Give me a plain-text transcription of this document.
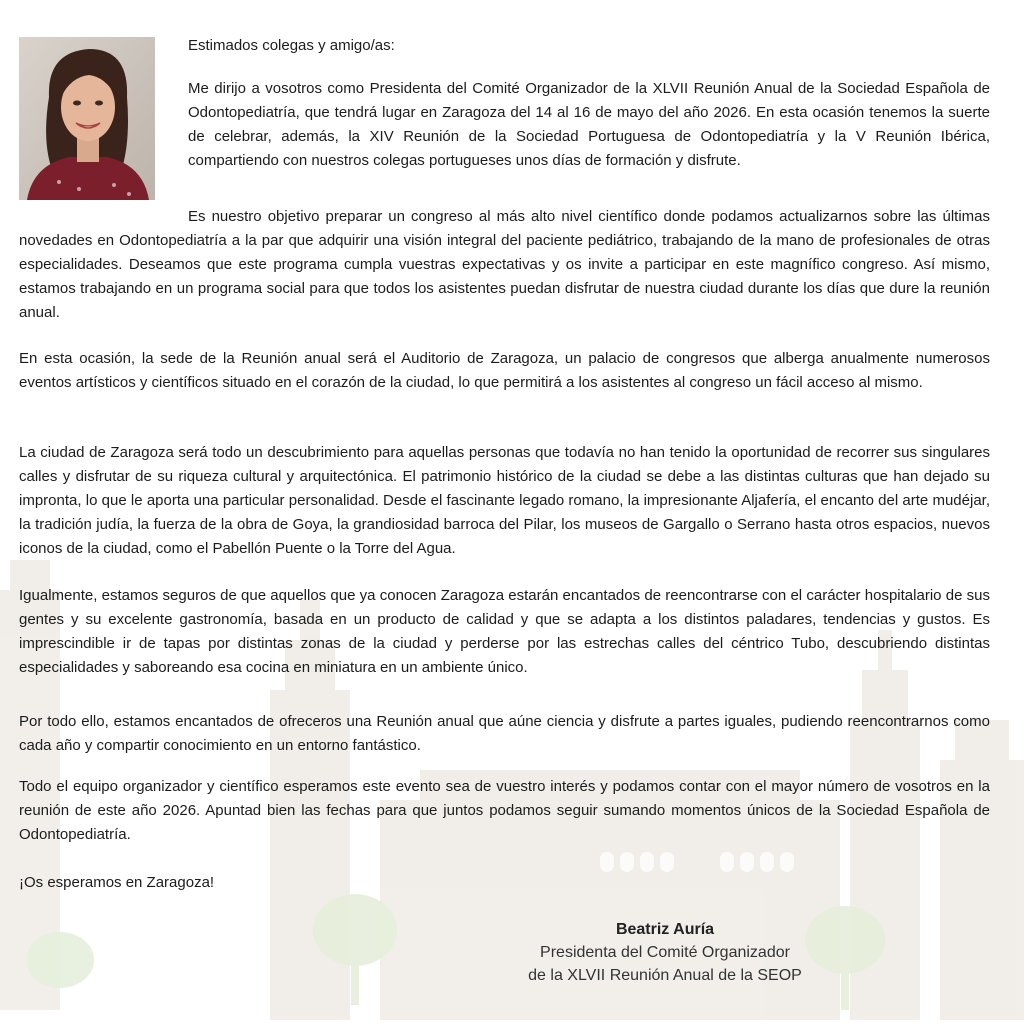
Estimados colegas y amigo/as:

Me dirijo a vosotros como Presidenta del Comité Organizador de la XLVII Reunión Anual de la Sociedad Española de Odontopediatría, que tendrá lugar en Zaragoza del 14 al 16 de mayo del año 2026. En esta ocasión tenemos la suerte de celebrar, además, la XIV Reunión de la Sociedad Portuguesa de Odontopediatría y la V Reunión Ibérica, compartiendo con nuestros colegas portugueses unos días de formación y disfrute.

Es nuestro objetivo preparar un congreso al más alto nivel científico donde podamos actualizarnos sobre las últimas novedades en Odontopediatría a la par que adquirir una visión integral del paciente pediátrico, trabajando de la mano de profesionales de otras especialidades. Deseamos que este programa cumpla vuestras expectativas y os invite a participar en este magnífico congreso. Así mismo, estamos trabajando en un programa social para que todos los asistentes puedan disfrutar de nuestra ciudad durante los días que dure la reunión anual.

En esta ocasión, la sede de la Reunión anual será el Auditorio de Zaragoza, un palacio de congresos que alberga anualmente numerosos eventos artísticos y científicos situado en el corazón de la ciudad, lo que permitirá a los asistentes al congreso un fácil acceso al mismo.

La ciudad de Zaragoza será todo un descubrimiento para aquellas personas que todavía no han tenido la oportunidad de recorrer sus singulares calles y disfrutar de su riqueza cultural y arquitectónica. El patrimonio histórico de la ciudad se debe a las distintas culturas que han dejado su impronta, lo que le aporta una particular personalidad. Desde el fascinante legado romano, la impresionante Aljafería, el encanto del arte mudéjar, la tradición judía, la fuerza de la obra de Goya, la grandiosidad barroca del Pilar, los museos de Gargallo o Serrano hasta otros espacios, nuevos iconos de la ciudad, como el Pabellón Puente o la Torre del Agua.

Igualmente, estamos seguros de que aquellos que ya conocen Zaragoza estarán encantados de reencontrarse con el carácter hospitalario de sus gentes y su excelente gastronomía, basada en un producto de calidad y que se adapta a los distintos paladares, tendencias y gustos. Es imprescindible ir de tapas por distintas zonas de la ciudad y perderse por las estrechas calles del céntrico Tubo, descubriendo distintas especialidades y saboreando esa cocina en miniatura en un ambiente único.

Por todo ello, estamos encantados de ofreceros una Reunión anual que aúne ciencia y disfrute a partes iguales, pudiendo reencontrarnos como cada año y compartir conocimiento en un entorno fantástico.

Todo el equipo organizador y científico esperamos este evento sea de vuestro interés y podamos contar con el mayor número de vosotros en la reunión de este año 2026. Apuntad bien las fechas para que juntos podamos seguir sumando momentos únicos de la Sociedad Española de Odontopediatría.

¡Os esperamos en Zaragoza!
Beatriz Auría
Presidenta del Comité Organizador
de la XLVII Reunión Anual de la SEOP
